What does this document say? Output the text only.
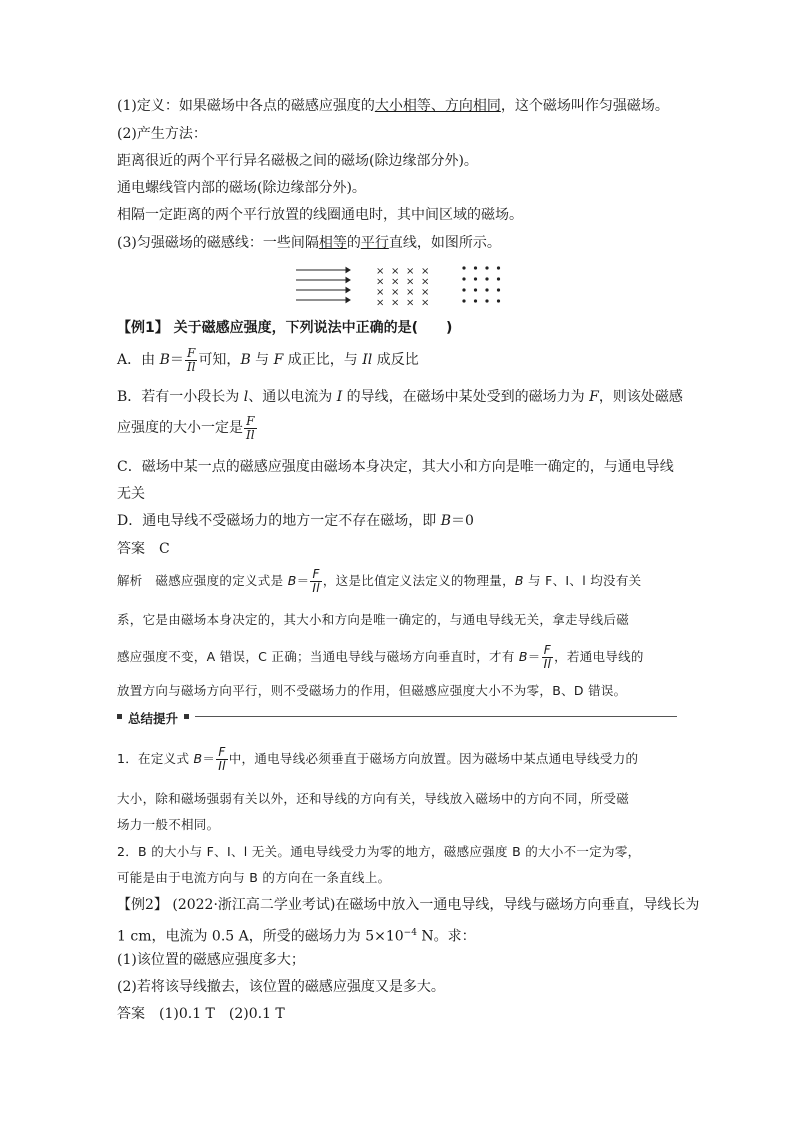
(1)定义：如果磁场中各点的磁感应强度的大小相等、方向相同，这个磁场叫作匀强磁场。
(2)产生方法：
距离很近的两个平行异名磁极之间的磁场(除边缘部分外)。
通电螺线管内部的磁场(除边缘部分外)。
相隔一定距离的两个平行放置的线圈通电时，其中间区域的磁场。
(3)匀强磁场的磁感线：一些间隔相等的平行直线，如图所示。
× × × ×
× × × ×
× × × ×
× × × ×
【例1】 关于磁感应强度，下列说法中正确的是(　　)
A．由 $B= \frac{F}{Il}$ 可知，B 与 F 成正比，与 Il 成反比
B．若有一小段长为 l、通以电流为 I 的导线，在磁场中某处受到的磁场力为 F，则该处磁感
应强度的大小一定是 $\frac{F}{Il}$
C．磁场中某一点的磁感应强度由磁场本身决定，其大小和方向是唯一确定的，与通电导线
无关
D．通电导线不受磁场力的地方一定不存在磁场，即 B＝0
答案　C
解析　磁感应强度的定义式是 $B= \frac{F}{Il}$ ，这是比值定义法定义的物理量，B 与 F、I、l 均没有关
系，它是由磁场本身决定的，其大小和方向是唯一确定的，与通电导线无关，拿走导线后磁
感应强度不变，A 错误，C 正确；当通电导线与磁场方向垂直时，才有 $B= \frac{F}{Il}$ ，若通电导线的
放置方向与磁场方向平行，则不受磁场力的作用，但磁感应强度大小不为零，B、D 错误。
总结提升
1．在定义式 $B= \frac{F}{Il}$ 中，通电导线必须垂直于磁场方向放置。因为磁场中某点通电导线受力的
大小，除和磁场强弱有关以外，还和导线的方向有关，导线放入磁场中的方向不同，所受磁
场力一般不相同。
2．B 的大小与 F、I、l 无关。通电导线受力为零的地方，磁感应强度 B 的大小不一定为零，
可能是由于电流方向与 B 的方向在一条直线上。
【例2】 (2022·浙江高二学业考试)在磁场中放入一通电导线，导线与磁场方向垂直，导线长为
1 cm，电流为 0.5 A，所受的磁场力为 $5\times 10^{-4}$ N。求：
(1)该位置的磁感应强度多大；
(2)若将该导线撤去，该位置的磁感应强度又是多大。
答案　(1)0.1 T　(2)0.1 T
